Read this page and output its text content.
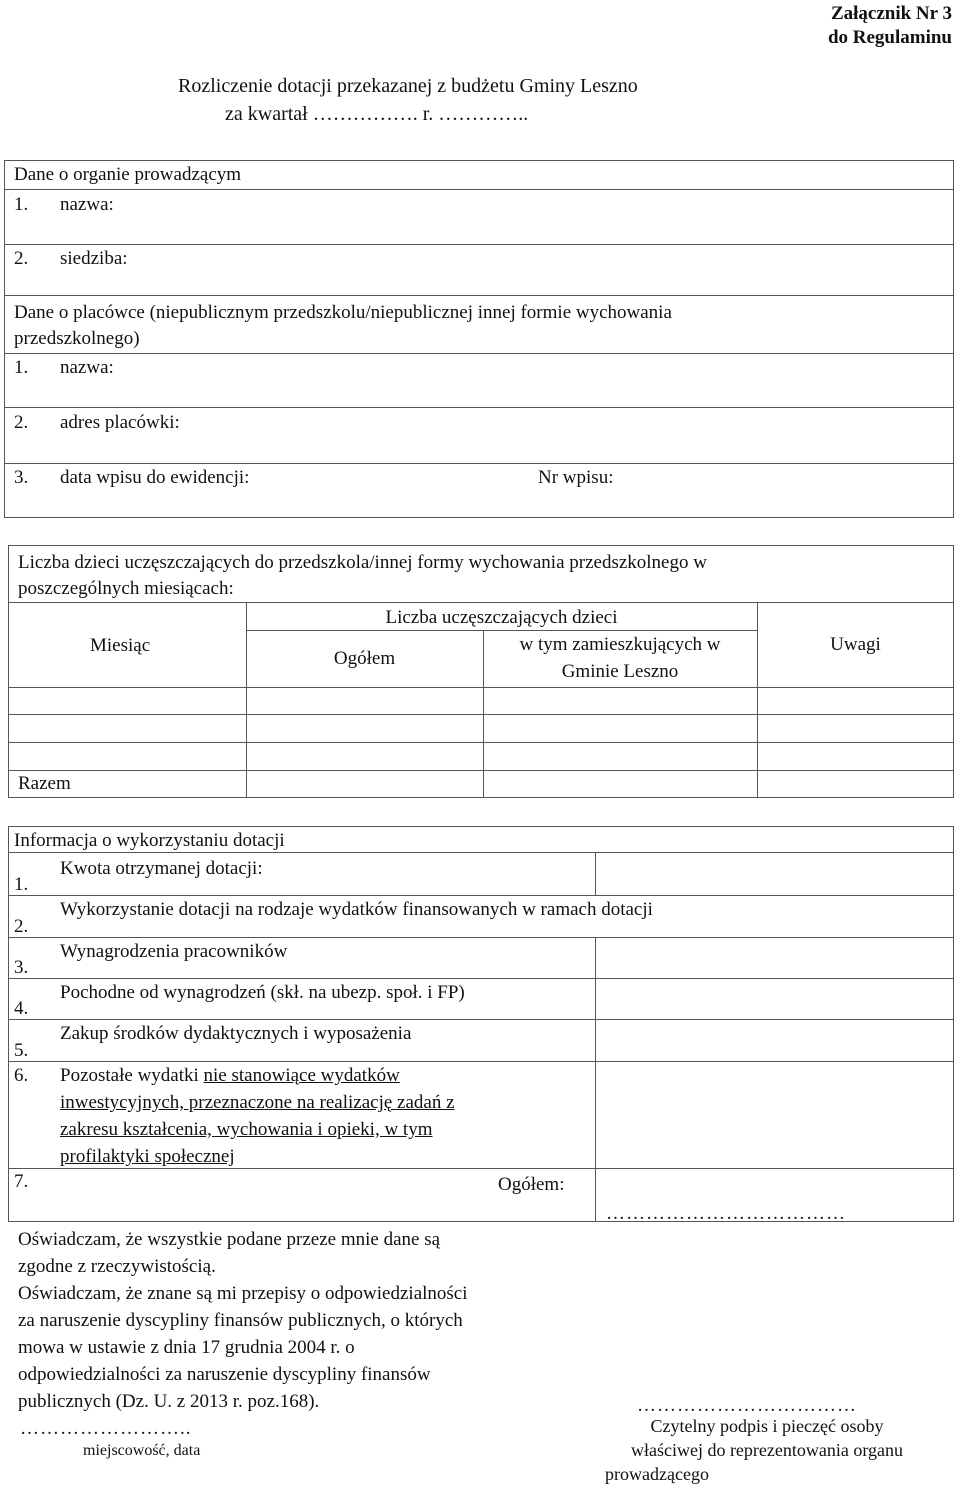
Załącznik Nr 3
do Regulaminu
Rozliczenie dotacji przekazanej z budżetu Gminy Leszno
za kwartał ……………. r. …………..
Dane o organie prowadzącym
1. nazwa:
2. siedziba:
Dane o placówce (niepublicznym przedszkolu/niepublicznej innej formie wychowania
przedszkolnego)
1. nazwa:
2. adres placówki:
3. data wpisu do ewidencji:	Nr wpisu:
Liczba dzieci uczęszczających do przedszkola/innej formy wychowania przedszkolnego w
poszczególnych miesiącach:
Liczba uczęszczających dzieci
Miesiąc
Ogółem
w tym zamieszkujących w
Gminie Leszno
Uwagi
Razem
Informacja o wykorzystaniu dotacji
1.
Kwota otrzymanej dotacji:
2.
Wykorzystanie dotacji na rodzaje wydatków finansowanych w ramach dotacji
3.
Wynagrodzenia pracowników
4.
Pochodne od wynagrodzeń (skł. na ubezp. społ. i FP)
5.
Zakup środków dydaktycznych i wyposażenia
6. Pozostałe wydatki nie stanowiące wydatków
inwestycyjnych, przeznaczone na realizację zadań z
zakresu kształcenia, wychowania i opieki, w tym
profilaktyki społecznej
7.	Ogółem:
………………………………
Oświadczam, że wszystkie podane przeze mnie dane są
zgodne z rzeczywistością.
Oświadczam, że znane są mi przepisy o odpowiedzialności
za naruszenie dyscypliny finansów publicznych, o których
mowa w ustawie z dnia 17 grudnia 2004 r. o
odpowiedzialności za naruszenie dyscypliny finansów
publicznych (Dz. U. z 2013 r. poz.168).
……………………..
miejscowość, data
……………………………
Czytelny podpis i pieczęć osoby
właściwej do reprezentowania organu
prowadzącego
